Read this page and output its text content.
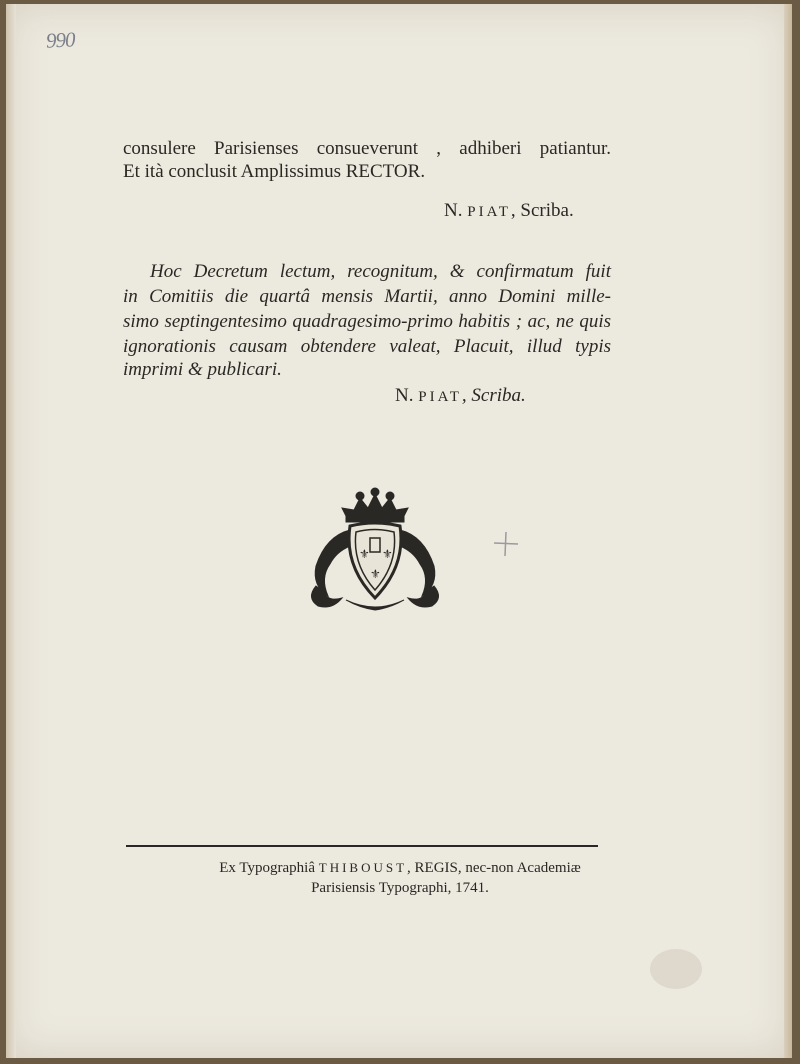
990
consulere Parisienses consueverunt , adhiberi patiantur.
Et ità conclusit Amplissimus RECTOR.
N. PIAT, Scriba.
Hoc Decretum lectum, recognitum, & confirmatum fuit
in Comitiis die quartâ mensis Martii, anno Domini mille-
simo septingentesimo quadragesimo-primo habitis ; ac, ne quis
ignorationis causam obtendere valeat, Placuit, illud typis
imprimi & publicari.
N. PIAT, Scriba.
⚜ ⚜
⚜
Ex Typographiâ THIBOUST, REGIS, nec-non Academiæ
Parisiensis Typographi, 1741.
